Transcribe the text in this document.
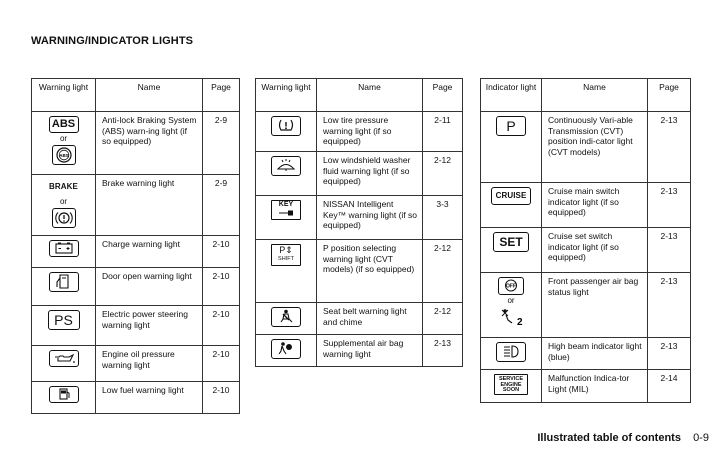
WARNING/INDICATOR LIGHTS
Warning light	Name	Page
ABS
or
ABS	Anti-lock Braking System (ABS) warn-ing light (if so equipped)	2-9
BRAKE
or	Brake warning light	2-9

	Charge warning light	2-10

	Door open warning light	2-10
PS	Electric power steering warning light	2-10

	Engine oil pressure warning light	2-10

	Low fuel warning light	2-10
Warning light	Name	Page

	Low tire pressure warning light (if so equipped)	2-11

	Low windshield washer fluid warning light (if so equipped)	2-12

KEY	NISSAN Intelligent Key™ warning light (if so equipped)	3-3

P⇕
SHIFT	P position selecting warning light (CVT models) (if so equipped)	2-12

	Seat belt warning light and chime	2-12

	Supplemental air bag warning light	2-13
Indicator light	Name	Page
P	Continuously Vari-able Transmission (CVT) position indi-cator light (CVT models)	2-13
CRUISE	Cruise main switch indicator light (if so equipped)	2-13
SET	Cruise set switch indicator light (if so equipped)	2-13

OFF
or
2	Front passenger air bag status light	2-13

	High beam indicator light (blue)	2-13
SERVICE ENGINE SOON	Malfunction Indica-tor Light (MIL)	2-14
Illustrated table of contents 0-9
